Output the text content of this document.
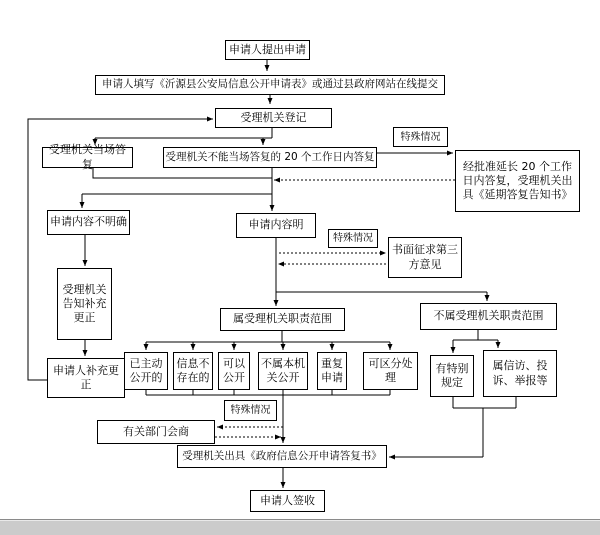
申请人提出申请
申请人填写《沂源县公安局信息公开申请表》或通过县政府网站在线提交
受理机关登记
特殊情况
受理机关当场答复
受理机关不能当场答复的 20 个工作日内答复
经批准延长 20 个工作日内答复，受理机关出具《延期答复告知书》
申请内容不明确	申请内容明
特殊情况
书面征求第三方意见
受理机关告知补充更正
申请人补充更正
属受理机关职责范围	不属受理机关职责范围
已主动公开的
信息不存在的
可以公开
不属本机关公开
重复申请
可区分处理
有特别规定
属信访、投诉、举报等
特殊情况
有关部门会商
受理机关出具《政府信息公开申请答复书》
申请人签收
